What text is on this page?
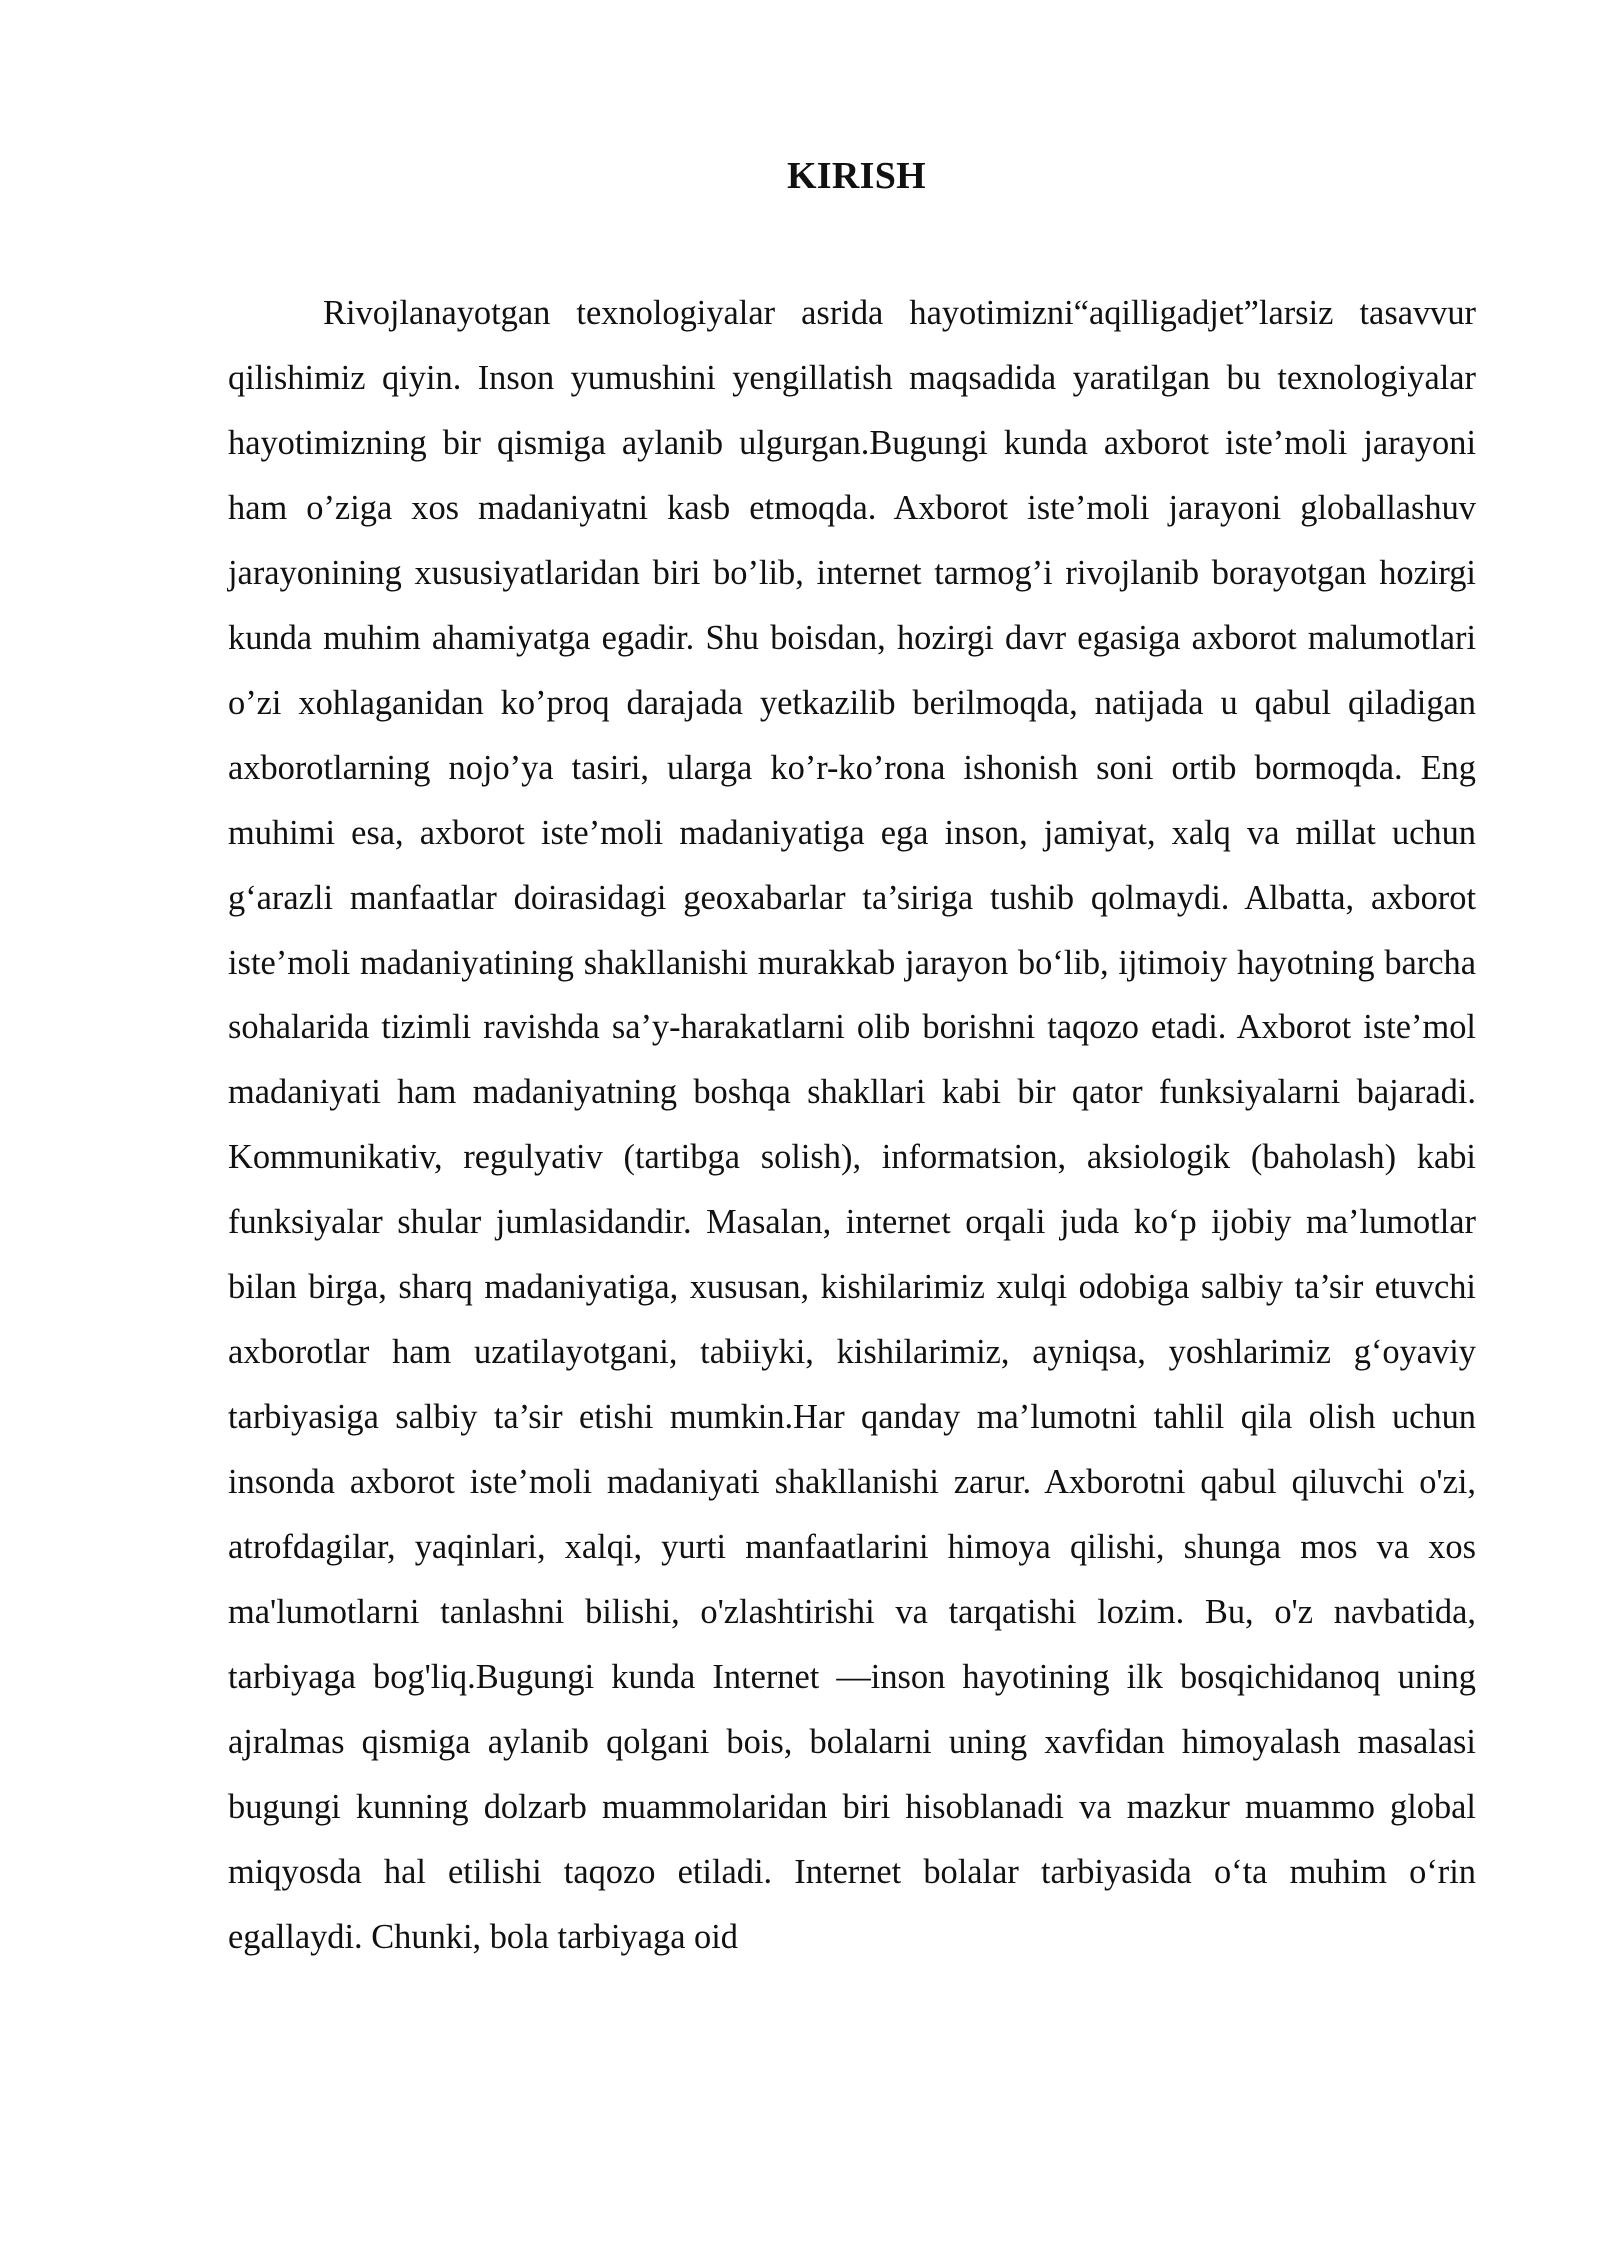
KIRISH

Rivojlanayotgan texnologiyalar asrida hayotimizni“aqilligadjet”larsiz tasavvur qilishimiz qiyin. Inson yumushini yengillatish maqsadida yaratilgan bu texnologiyalar hayotimizning bir qismiga aylanib ulgurgan.Bugungi kunda axborot iste’moli jarayoni ham o’ziga xos madaniyatni kasb etmoqda. Axborot iste’moli jarayoni globallashuv jarayonining xususiyatlaridan biri bo’lib, internet tarmog’i rivojlanib borayotgan hozirgi kunda muhim ahamiyatga egadir. Shu boisdan, hozirgi davr egasiga axborot malumotlari o’zi xohlaganidan ko’proq darajada yetkazilib berilmoqda, natijada u qabul qiladigan axborotlarning nojo’ya tasiri, ularga ko’r-ko’rona ishonish soni ortib bormoqda. Eng muhimi esa, axborot iste’moli madaniyatiga ega inson, jamiyat, xalq va millat uchun g‘arazli manfaatlar doirasidagi geoxabarlar ta’siriga tushib qolmaydi. Albatta, axborot iste’moli madaniyatining shakllanishi murakkab jarayon bo‘lib, ijtimoiy hayotning barcha sohalarida tizimli ravishda sa’y-harakatlarni olib borishni taqozo etadi. Axborot iste’mol madaniyati ham madaniyatning boshqa shakllari kabi bir qator funksiyalarni bajaradi. Kommunikativ, regulyativ (tartibga solish), informatsion, aksiologik (baholash) kabi funksiyalar shular jumlasidandir. Masalan, internet orqali juda ko‘p ijobiy ma’lumotlar bilan birga, sharq madaniyatiga, xususan, kishilarimiz xulqi odobiga salbiy ta’sir etuvchi axborotlar ham uzatilayotgani, tabiiyki, kishilarimiz, ayniqsa, yoshlarimiz g‘oyaviy tarbiyasiga salbiy ta’sir etishi mumkin.Har qanday ma’lumotni tahlil qila olish uchun insonda axborot iste’moli madaniyati shakllanishi zarur. Axborotni qabul qiluvchi o'zi, atrofdagilar, yaqinlari, xalqi, yurti manfaatlarini himoya qilishi, shunga mos va xos ma'lumotlarni tanlashni bilishi, o'zlashtirishi va tarqatishi lozim. Bu, o'z navbatida, tarbiyaga bog'liq.Bugungi kunda Internet —inson hayotining ilk bosqichidanoq uning ajralmas qismiga aylanib qolgani bois, bolalarni uning xavfidan himoyalash masalasi bugungi kunning dolzarb muammolaridan biri hisoblanadi va mazkur muammo global miqyosda hal etilishi taqozo etiladi. Internet bolalar tarbiyasida o‘ta muhim o‘rin egallaydi. Chunki, bola tarbiyaga oid
